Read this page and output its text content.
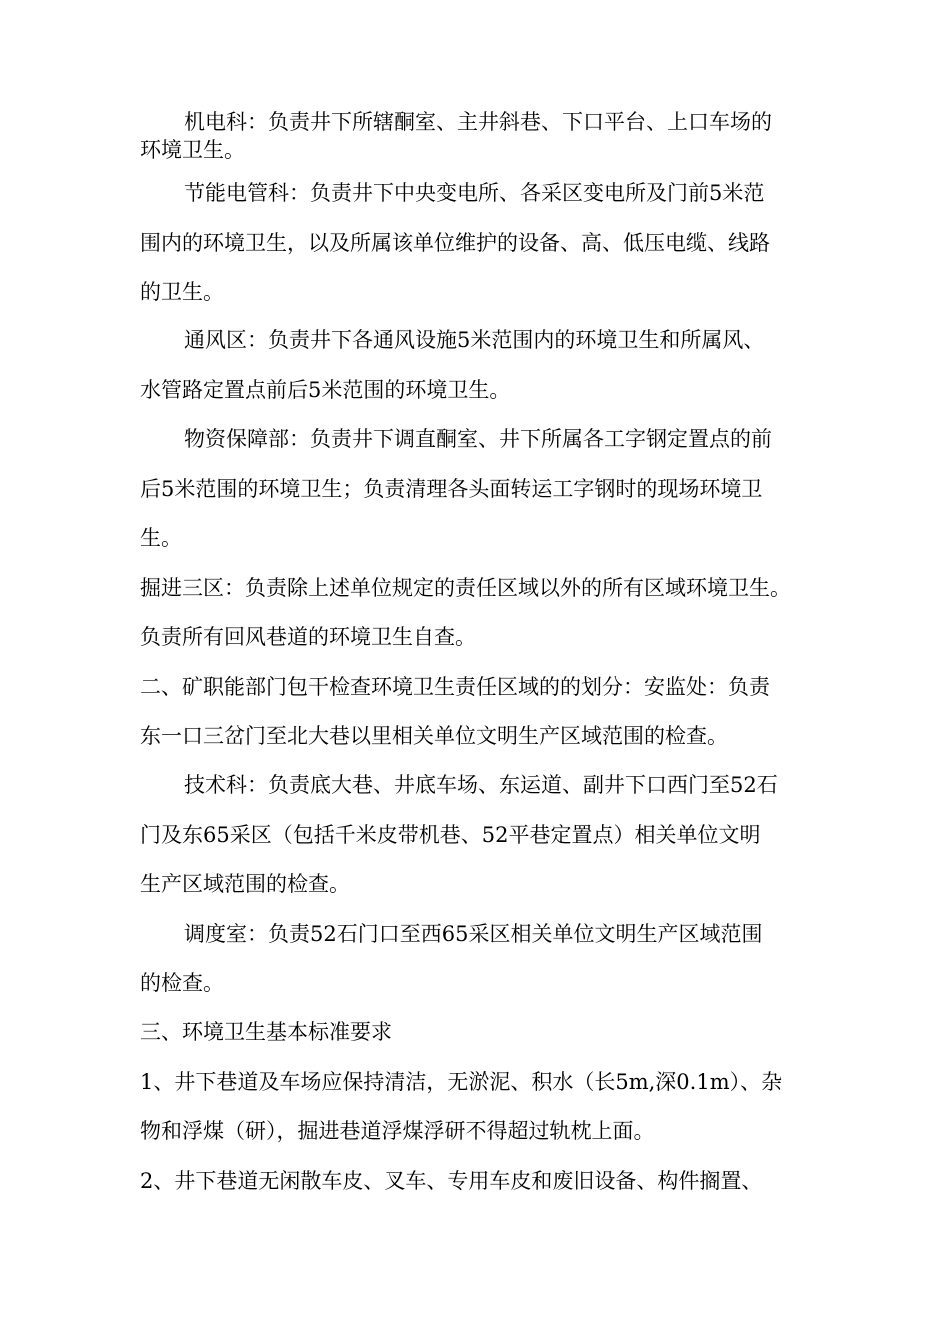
机电科：负责井下所辖酮室、主井斜巷、下口平台、上口车场的
环境卫生。
节能电管科：负责井下中央变电所、各采区变电所及门前5米范
围内的环境卫生，以及所属该单位维护的设备、高、低压电缆、线路
的卫生。
通风区：负责井下各通风设施5米范围内的环境卫生和所属风、
水管路定置点前后5米范围的环境卫生。
物资保障部：负责井下调直酮室、井下所属各工字钢定置点的前
后5米范围的环境卫生；负责清理各头面转运工字钢时的现场环境卫
生。
掘进三区：负责除上述单位规定的责任区域以外的所有区域环境卫生。
负责所有回风巷道的环境卫生自查。
二、矿职能部门包干检查环境卫生责任区域的的划分：安监处：负责
东一口三岔门至北大巷以里相关单位文明生产区域范围的检查。
技术科：负责底大巷、井底车场、东运道、副井下口西门至52石
门及东65采区（包括千米皮带机巷、52平巷定置点）相关单位文明
生产区域范围的检查。
调度室：负责52石门口至西65采区相关单位文明生产区域范围
的检查。
三、环境卫生基本标准要求
1、井下巷道及车场应保持清洁，无淤泥、积水（长5m,深0.1m）、杂
物和浮煤（研），掘进巷道浮煤浮研不得超过轨枕上面。
2、井下巷道无闲散车皮、叉车、专用车皮和废旧设备、构件搁置、
